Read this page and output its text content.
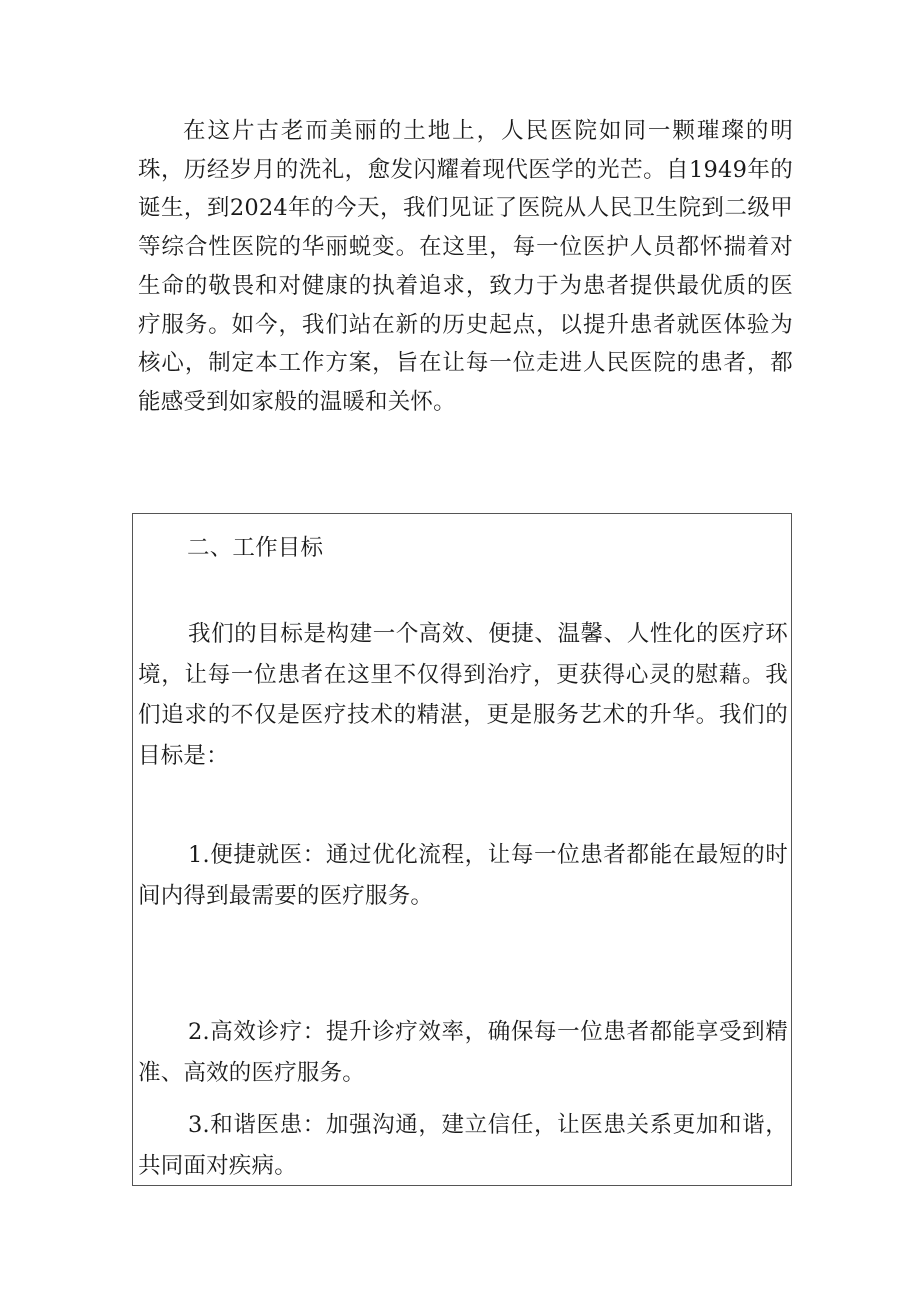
在这片古老而美丽的土地上，人民医院如同一颗璀璨的明珠，历经岁月的洗礼，愈发闪耀着现代医学的光芒。自1949年的诞生，到2024年的今天，我们见证了医院从人民卫生院到二级甲等综合性医院的华丽蜕变。在这里，每一位医护人员都怀揣着对生命的敬畏和对健康的执着追求，致力于为患者提供最优质的医疗服务。如今，我们站在新的历史起点，以提升患者就医体验为核心，制定本工作方案，旨在让每一位走进人民医院的患者，都能感受到如家般的温暖和关怀。

二、工作目标

我们的目标是构建一个高效、便捷、温馨、人性化的医疗环境，让每一位患者在这里不仅得到治疗，更获得心灵的慰藉。我们追求的不仅是医疗技术的精湛，更是服务艺术的升华。我们的目标是：

1.便捷就医：通过优化流程，让每一位患者都能在最短的时间内得到最需要的医疗服务。

2.高效诊疗：提升诊疗效率，确保每一位患者都能享受到精准、高效的医疗服务。

3.和谐医患：加强沟通，建立信任，让医患关系更加和谐，共同面对疾病。
